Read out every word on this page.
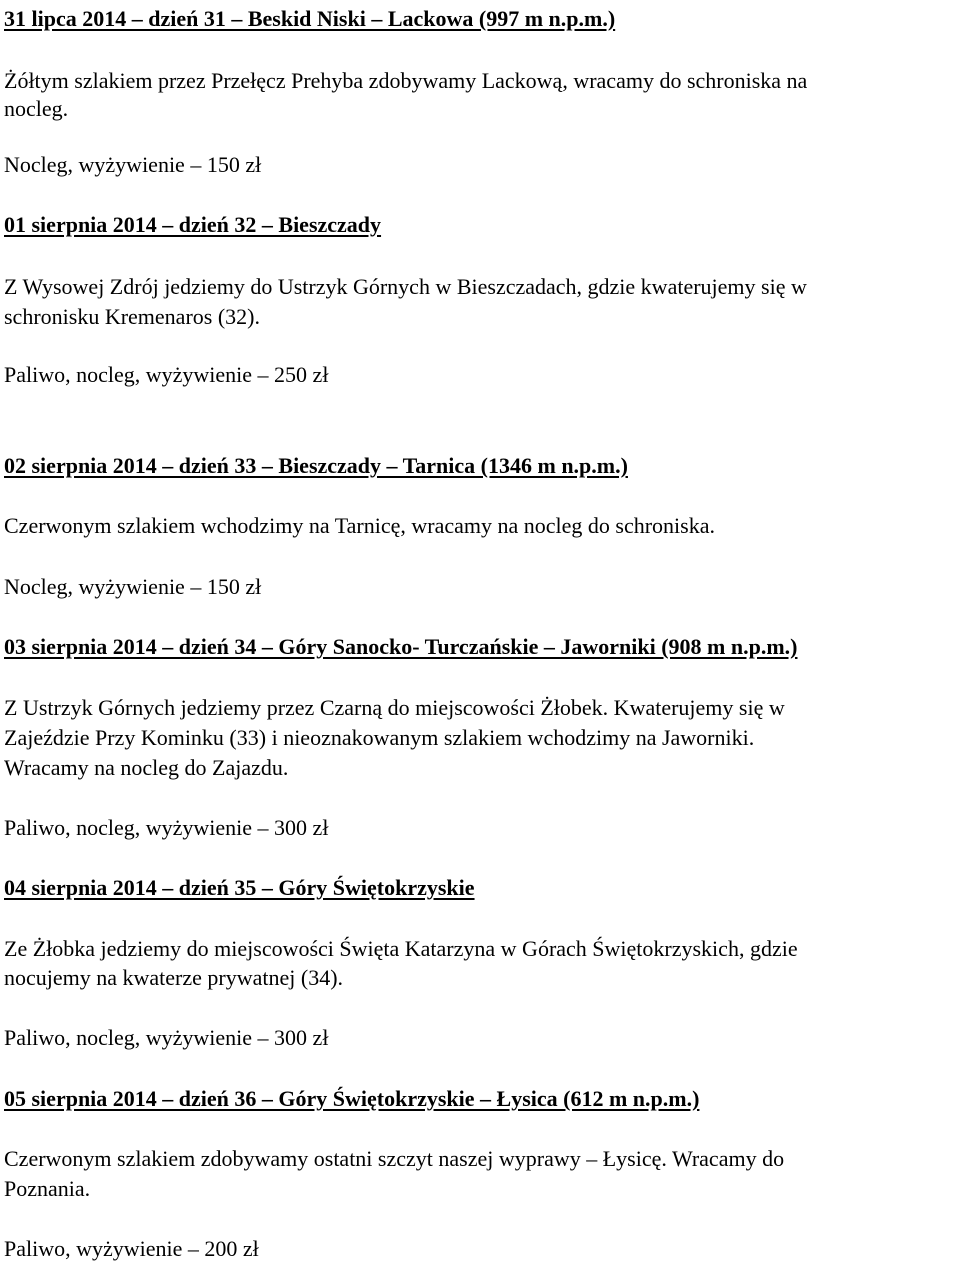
31 lipca 2014 – dzień 31 – Beskid Niski – Lackowa (997 m n.p.m.)
Żółtym szlakiem przez Przełęcz Prehyba zdobywamy Lackową, wracamy do schroniska na
nocleg.
Nocleg, wyżywienie – 150 zł
01 sierpnia 2014 – dzień 32 – Bieszczady
Z Wysowej Zdrój jedziemy do Ustrzyk Górnych w Bieszczadach, gdzie kwaterujemy się w
schronisku Kremenaros (32).
Paliwo, nocleg, wyżywienie – 250 zł
02 sierpnia 2014 – dzień 33 – Bieszczady – Tarnica (1346 m n.p.m.)
Czerwonym szlakiem wchodzimy na Tarnicę, wracamy na nocleg do schroniska.
Nocleg, wyżywienie – 150 zł
03 sierpnia 2014 – dzień 34 – Góry Sanocko- Turczańskie – Jaworniki (908 m n.p.m.)
Z Ustrzyk Górnych jedziemy przez Czarną do miejscowości Żłobek. Kwaterujemy się w
Zajeździe Przy Kominku (33) i nieoznakowanym szlakiem wchodzimy na Jaworniki.
Wracamy na nocleg do Zajazdu.
Paliwo, nocleg, wyżywienie – 300 zł
04 sierpnia 2014 – dzień 35 – Góry Świętokrzyskie
Ze Żłobka jedziemy do miejscowości Święta Katarzyna w Górach Świętokrzyskich, gdzie
nocujemy na kwaterze prywatnej (34).
Paliwo, nocleg, wyżywienie – 300 zł
05 sierpnia 2014 – dzień 36 – Góry Świętokrzyskie – Łysica (612 m n.p.m.)
Czerwonym szlakiem zdobywamy ostatni szczyt naszej wyprawy – Łysicę. Wracamy do
Poznania.
Paliwo, wyżywienie – 200 zł
